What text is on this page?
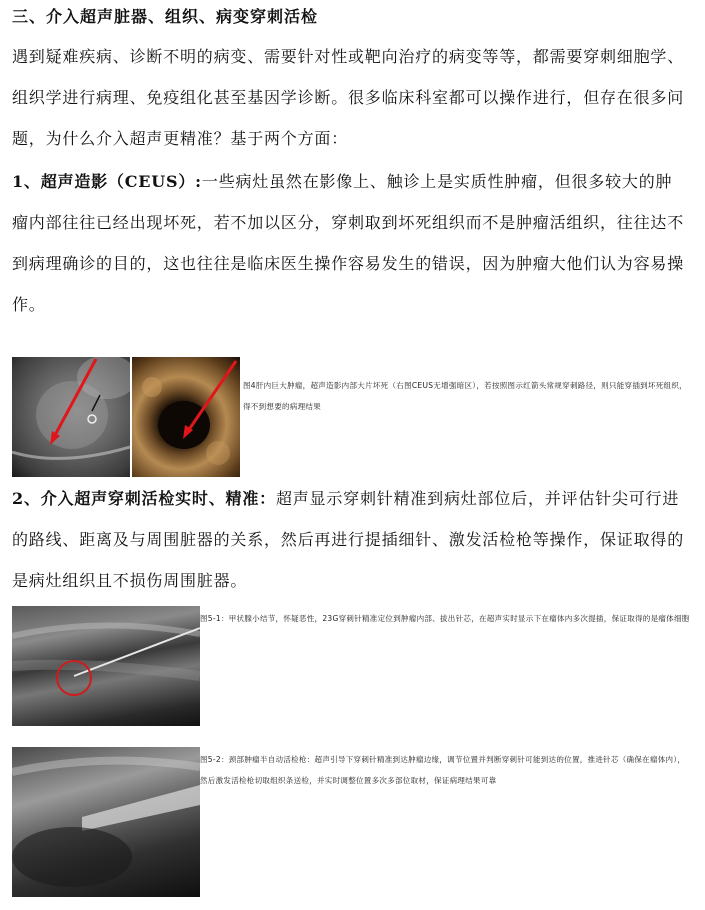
三、介入超声脏器、组织、病变穿刺活检

遇到疑难疾病、诊断不明的病变、需要针对性或靶向治疗的病变等等，都需要穿刺细胞学、组织学进行病理、免疫组化甚至基因学诊断。很多临床科室都可以操作进行，但存在很多问题，为什么介入超声更精准？基于两个方面：

1、超声造影（CEUS）:一些病灶虽然在影像上、触诊上是实质性肿瘤，但很多较大的肿瘤内部往往已经出现坏死，若不加以区分，穿刺取到坏死组织而不是肿瘤活组织，往往达不到病理确诊的目的，这也往往是临床医生操作容易发生的错误，因为肿瘤大他们认为容易操作。

图4肝内巨大肿瘤，超声造影内部大片坏死（右图CEUS无增强暗区），若按照图示红箭头常规穿刺路径，则只能穿插到坏死组织，得不到想要的病理结果

2、介入超声穿刺活检实时、精准：超声显示穿刺针精准到病灶部位后，并评估针尖可行进的路线、距离及与周围脏器的关系，然后再进行提插细针、激发活检枪等操作，保证取得的是病灶组织且不损伤周围脏器。

图5-1：甲状腺小结节，怀疑恶性，23G穿刺针精准定位到肿瘤内部、拔出针芯，在超声实时显示下在瘤体内多次提插，保证取得的是瘤体细胞
图5-2：颈部肿瘤半自动活检枪：超声引导下穿刺针精准到达肿瘤边缘，调节位置并判断穿刺针可能到达的位置，推进针芯（确保在瘤体内），然后激发活检枪切取组织条送检，并实时调整位置多次多部位取材，保证病理结果可靠
